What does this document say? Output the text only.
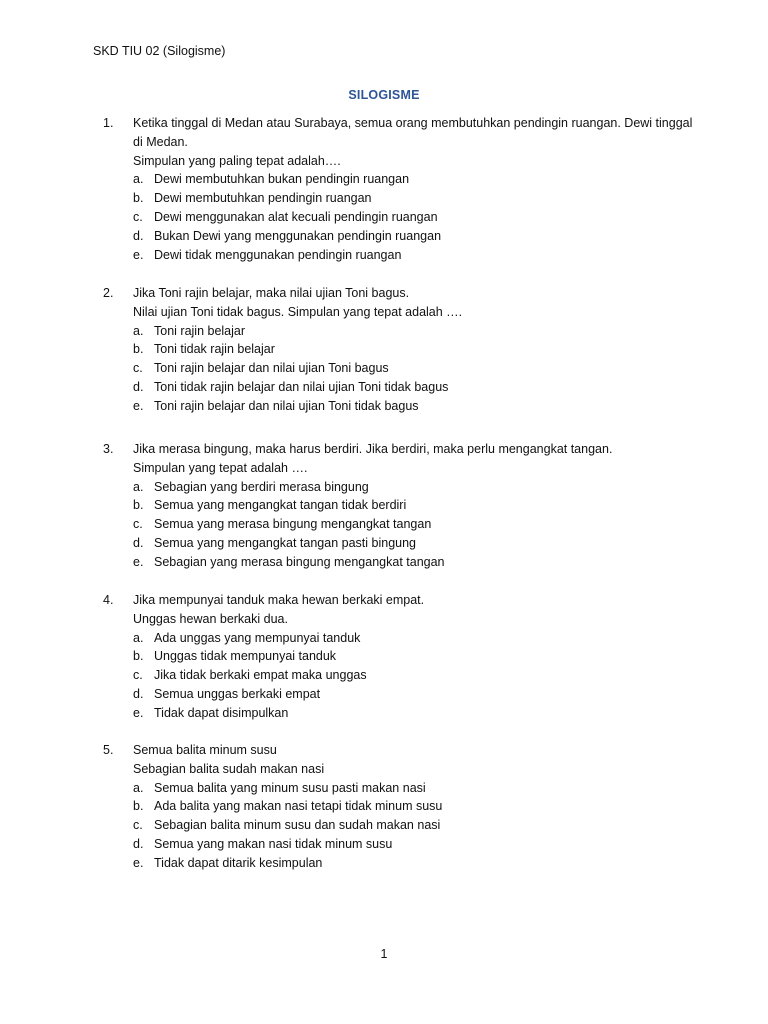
SKD TIU 02 (Silogisme)
SILOGISME
1.	Ketika tinggal di Medan atau Surabaya, semua orang membutuhkan pendingin ruangan. Dewi tinggal
di Medan.
Simpulan yang paling tepat adalah….
a. Dewi membutuhkan bukan pendingin ruangan
b. Dewi membutuhkan pendingin ruangan
c. Dewi menggunakan alat kecuali pendingin ruangan
d. Bukan Dewi yang menggunakan pendingin ruangan
e. Dewi tidak menggunakan pendingin ruangan
2.	Jika Toni rajin belajar, maka nilai ujian Toni bagus.
Nilai ujian Toni tidak bagus. Simpulan yang tepat adalah ….
a. Toni rajin belajar
b. Toni tidak rajin belajar
c. Toni rajin belajar dan nilai ujian Toni bagus
d. Toni tidak rajin belajar dan nilai ujian Toni tidak bagus
e. Toni rajin belajar dan nilai ujian Toni tidak bagus
3.	Jika merasa bingung, maka harus berdiri. Jika berdiri, maka perlu mengangkat tangan.
Simpulan yang tepat adalah ….
a. Sebagian yang berdiri merasa bingung
b. Semua yang mengangkat tangan tidak berdiri
c. Semua yang merasa bingung mengangkat tangan
d. Semua yang mengangkat tangan pasti bingung
e. Sebagian yang merasa bingung mengangkat tangan
4.	Jika mempunyai tanduk maka hewan berkaki empat.
Unggas hewan berkaki dua.
a. Ada unggas yang mempunyai tanduk
b. Unggas tidak mempunyai tanduk
c. Jika tidak berkaki empat maka unggas
d. Semua unggas berkaki empat
e. Tidak dapat disimpulkan
5.	Semua balita minum susu
Sebagian balita sudah makan nasi
a. Semua balita yang minum susu pasti makan nasi
b. Ada balita yang makan nasi tetapi tidak minum susu
c. Sebagian balita minum susu dan sudah makan nasi
d. Semua yang makan nasi tidak minum susu
e. Tidak dapat ditarik kesimpulan
1
